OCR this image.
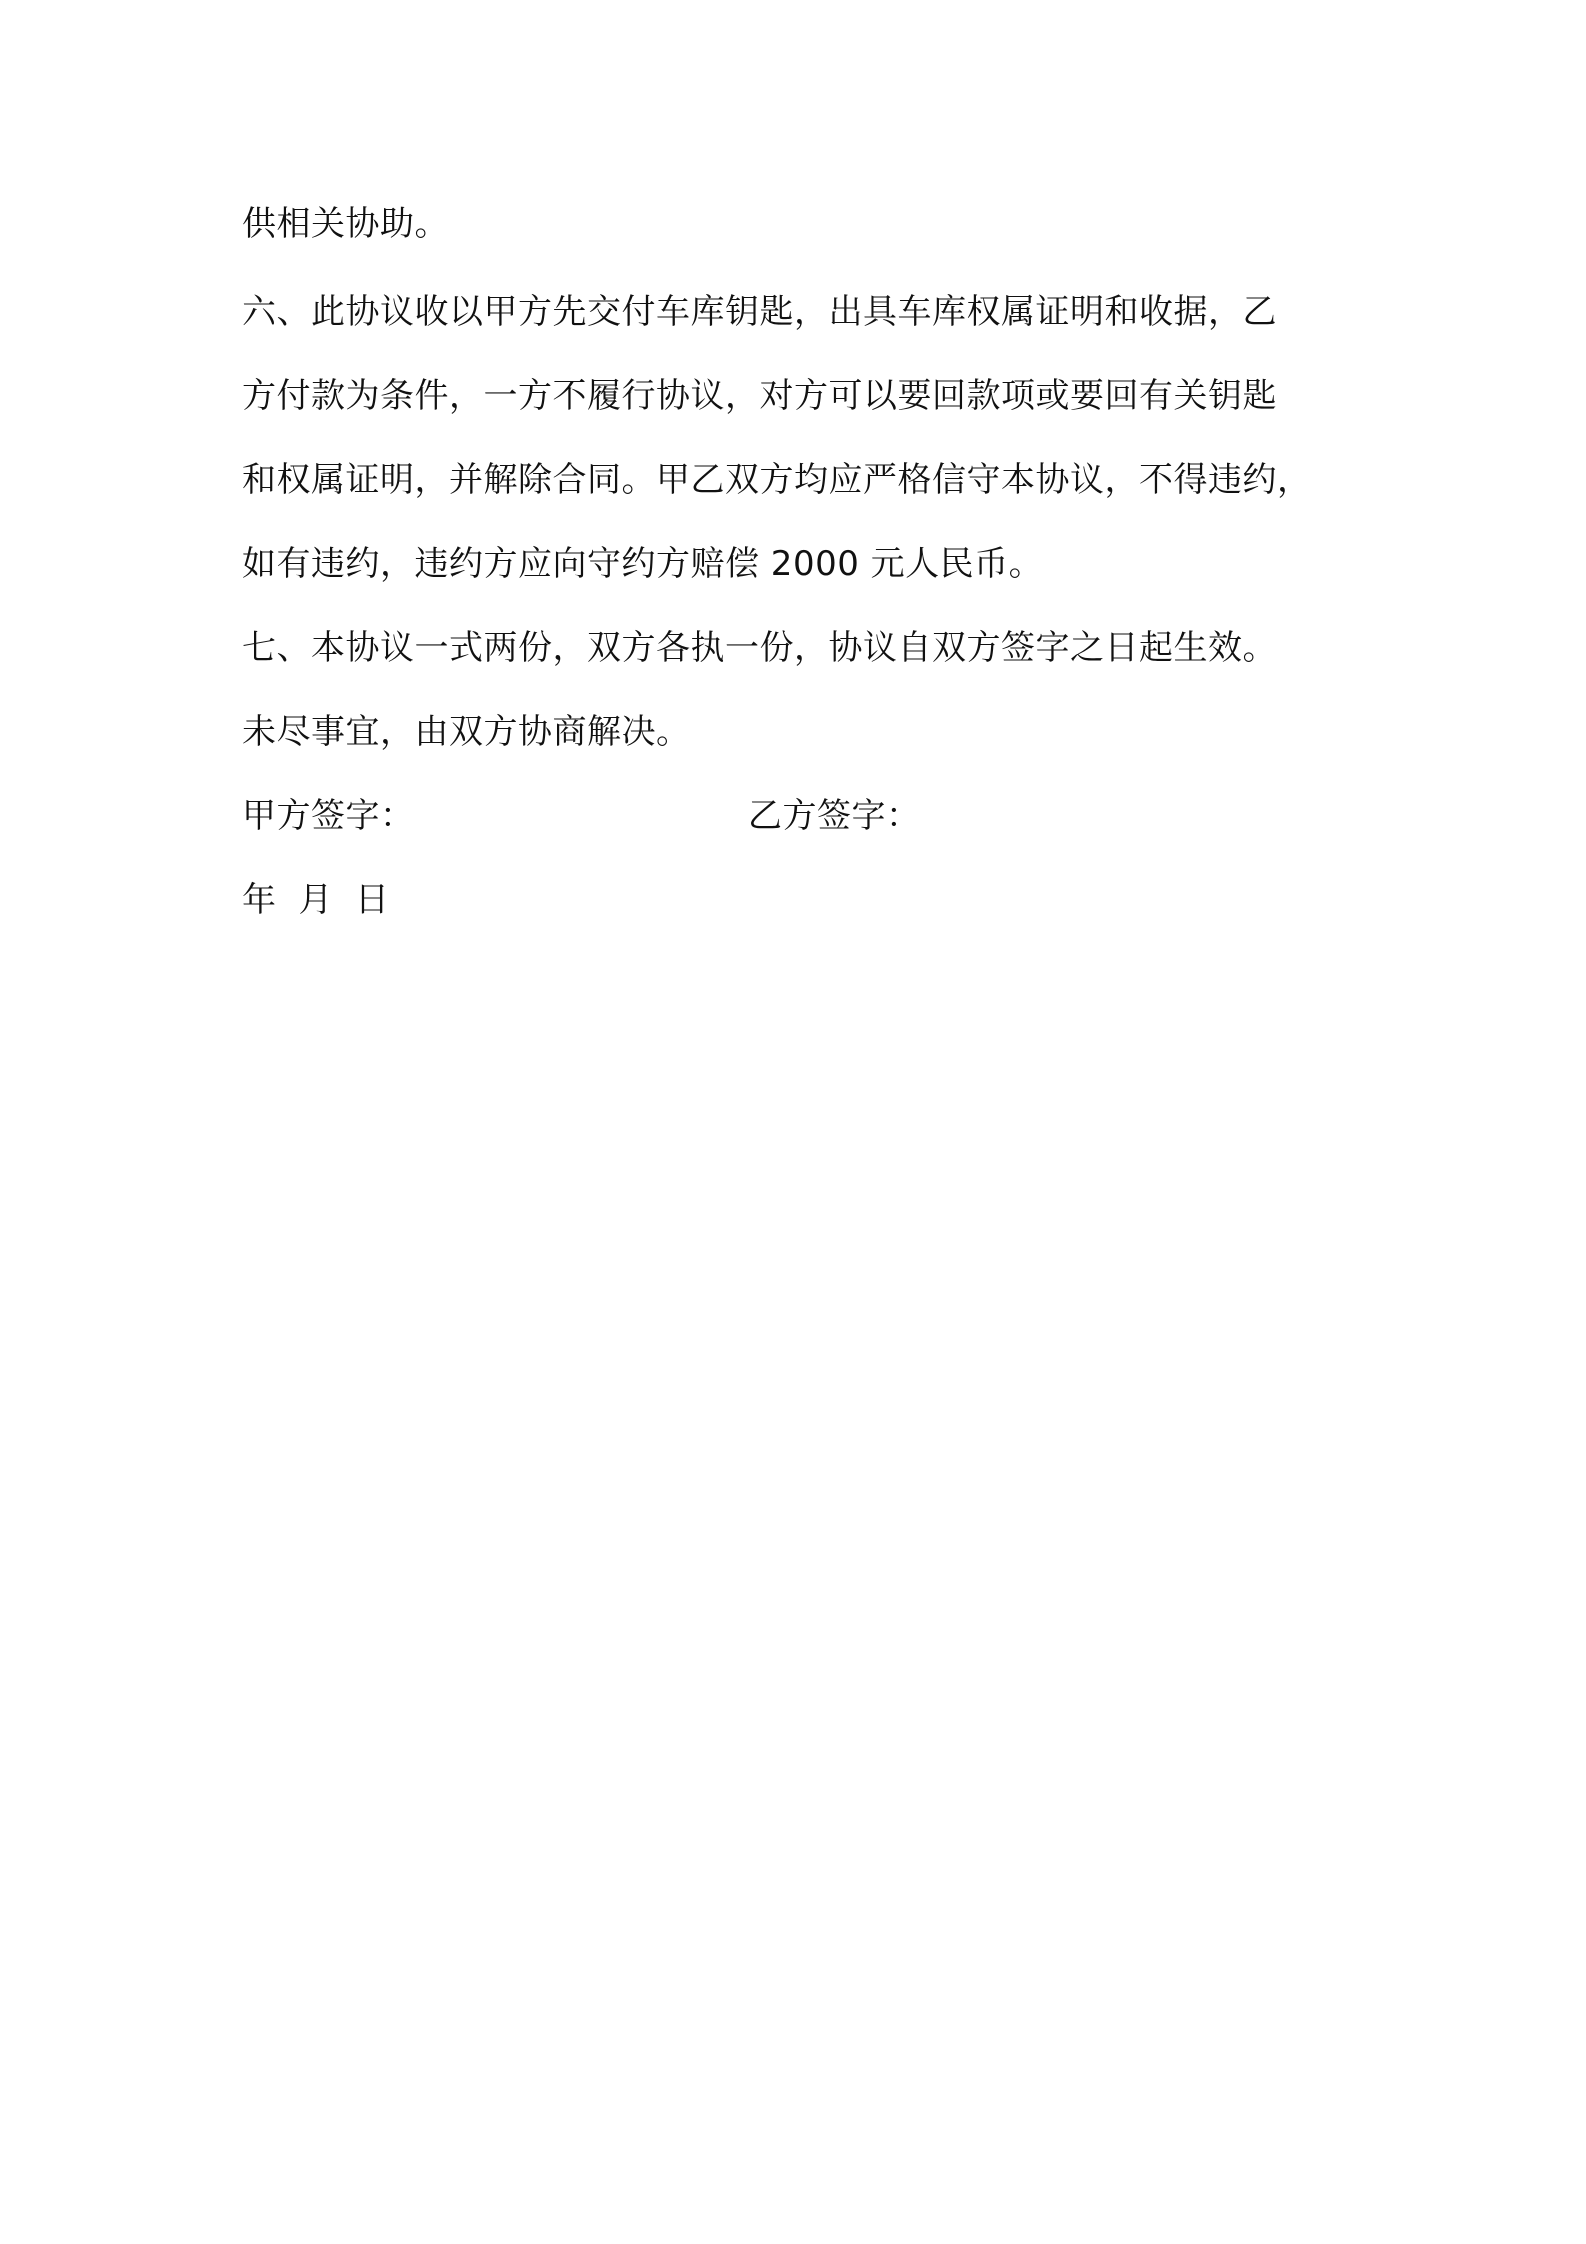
供相关协助。
六、此协议收以甲方先交付车库钥匙，出具车库权属证明和收据，乙
方付款为条件，一方不履行协议，对方可以要回款项或要回有关钥匙
和权属证明，并解除合同。甲乙双方均应严格信守本协议，不得违约，
如有违约，违约方应向守约方赔偿 2000 元人民币。
七、本协议一式两份，双方各执一份，协议自双方签字之日起生效。
未尽事宜，由双方协商解决。
甲方签字：	乙方签字：
年 月 日
